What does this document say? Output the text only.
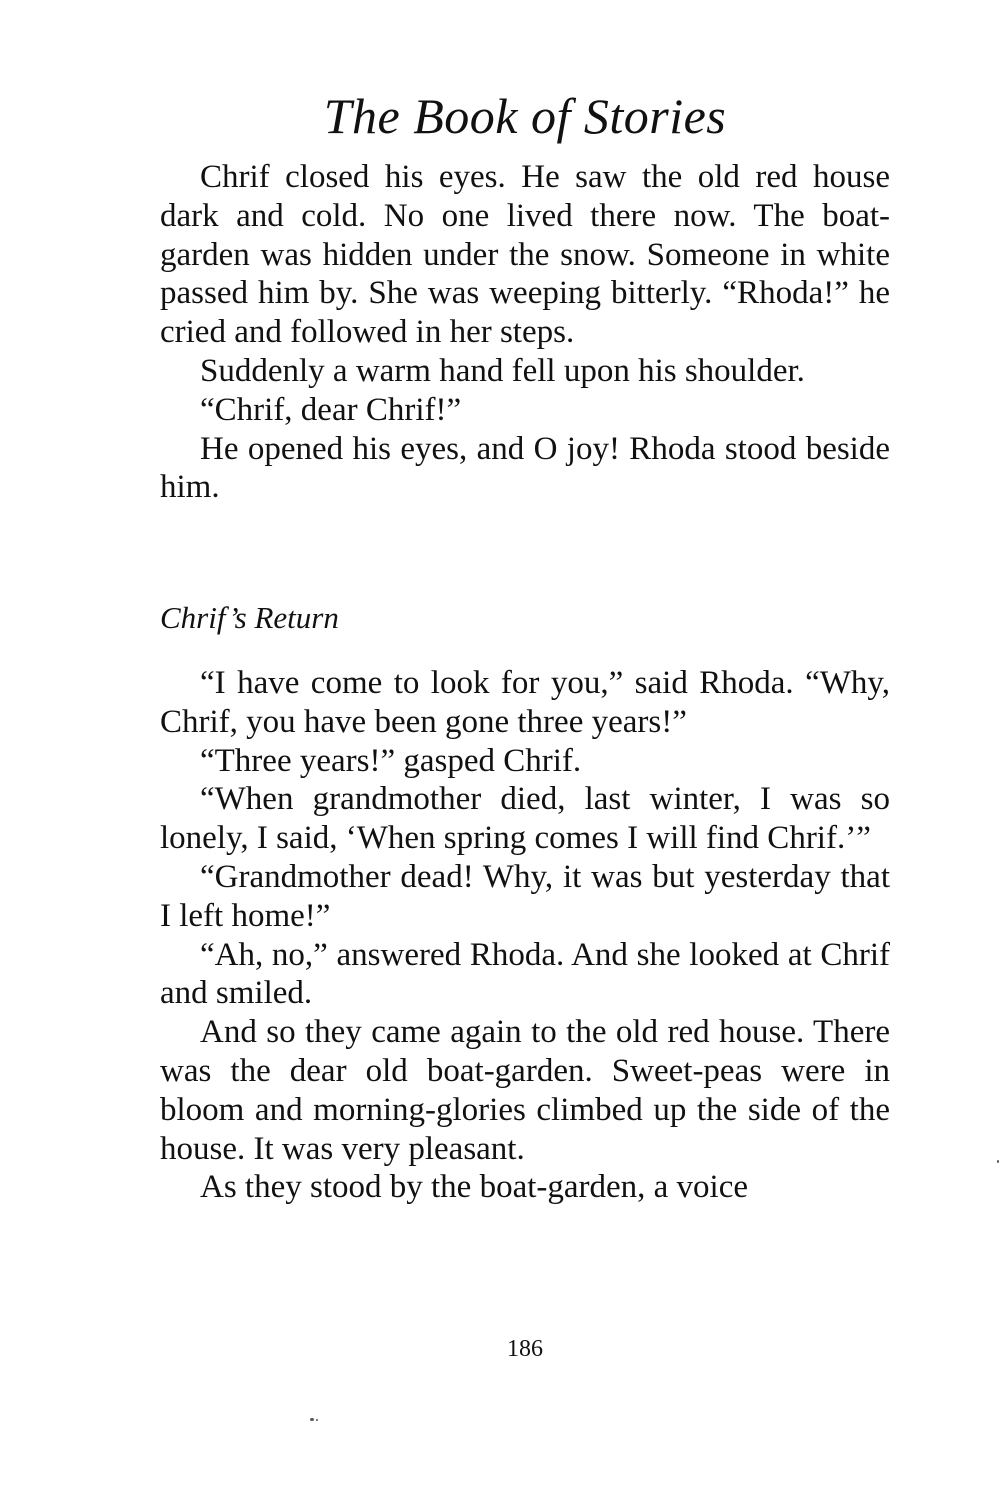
The Book of Stories

Chrif closed his eyes. He saw the old red house dark and cold. No one lived there now. The boat-garden was hidden under the snow. Someone in white passed him by. She was weeping bitterly. “Rhoda!” he cried and followed in her steps.

Suddenly a warm hand fell upon his shoulder.

“Chrif, dear Chrif!”

He opened his eyes, and O joy! Rhoda stood beside him.

Chrif’s Return

“I have come to look for you,” said Rhoda. “Why, Chrif, you have been gone three years!”

“Three years!” gasped Chrif.

“When grandmother died, last winter, I was so lonely, I said, ‘When spring comes I will find Chrif.’”

“Grandmother dead! Why, it was but yesterday that I left home!”

“Ah, no,” answered Rhoda. And she looked at Chrif and smiled.

And so they came again to the old red house. There was the dear old boat-garden. Sweet-peas were in bloom and morning-glories climbed up the side of the house. It was very pleasant.

As they stood by the boat-garden, a voice

186
